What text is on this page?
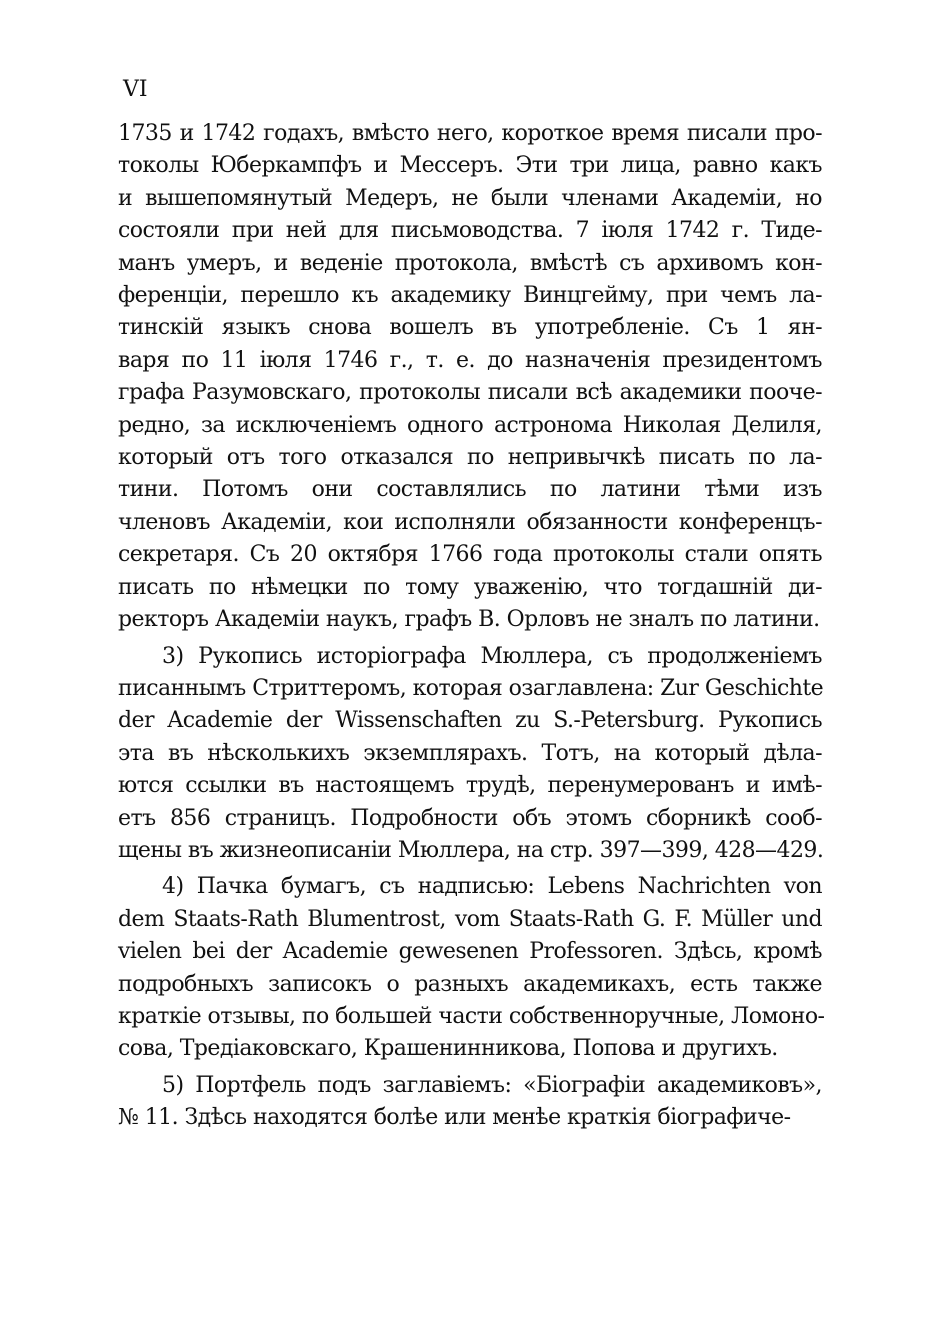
VI
1735 и 1742 годахъ, вмѣсто него, короткое время писали про-
токолы Юберкампфъ и Мессеръ. Эти три лица, равно какъ
и вышепомянутый Медеръ, не были членами Академіи, но
состояли при ней для письмоводства. 7 іюля 1742 г. Тиде-
манъ умеръ, и веденіе протокола, вмѣстѣ съ архивомъ кон-
ференціи, перешло къ академику Винцгейму, при чемъ ла-
тинскій языкъ снова вошелъ въ употребленіе. Съ 1 ян-
варя по 11 іюля 1746 г., т. е. до назначенія президентомъ
графа Разумовскаго, протоколы писали всѣ академики пооче-
редно, за исключеніемъ одного астронома Николая Делиля,
который отъ того отказался по непривычкѣ писать по ла-
тини. Потомъ они составлялись по латини тѣми изъ
членовъ Академіи, кои исполняли обязанности конференцъ-
секретаря. Съ 20 октября 1766 года протоколы стали опять
писать по нѣмецки по тому уваженію, что тогдашній ди-
ректоръ Академіи наукъ, графъ В. Орловъ не зналъ по латини.
3) Рукопись исторіографа Мюллера, съ продолженіемъ
писаннымъ Стриттеромъ, которая озаглавлена: Zur Geschichte
der Academie der Wissenschaften zu S.-Petersburg. Рукопись
эта въ нѣсколькихъ экземплярахъ. Тотъ, на который дѣла-
ются ссылки въ настоящемъ трудѣ, перенумерованъ и имѣ-
етъ 856 страницъ. Подробности объ этомъ сборникѣ сооб-
щены въ жизнеописаніи Мюллера, на стр. 397—399, 428—429.
4) Пачка бумагъ, съ надписью: Lebens Nachrichten von
dem Staats-Rath Blumentrost, vom Staats-Rath G. F. Müller und
vielen bei der Academie gewesenen Professoren. Здѣсь, кромѣ
подробныхъ записокъ о разныхъ академикахъ, есть также
краткіе отзывы, по большей части собственноручные, Ломоно-
сова, Тредіаковскаго, Крашенинникова, Попова и другихъ.
5) Портфель подъ заглавіемъ: «Біографіи академиковъ»,
№ 11. Здѣсь находятся болѣе или менѣе краткія біографиче-
